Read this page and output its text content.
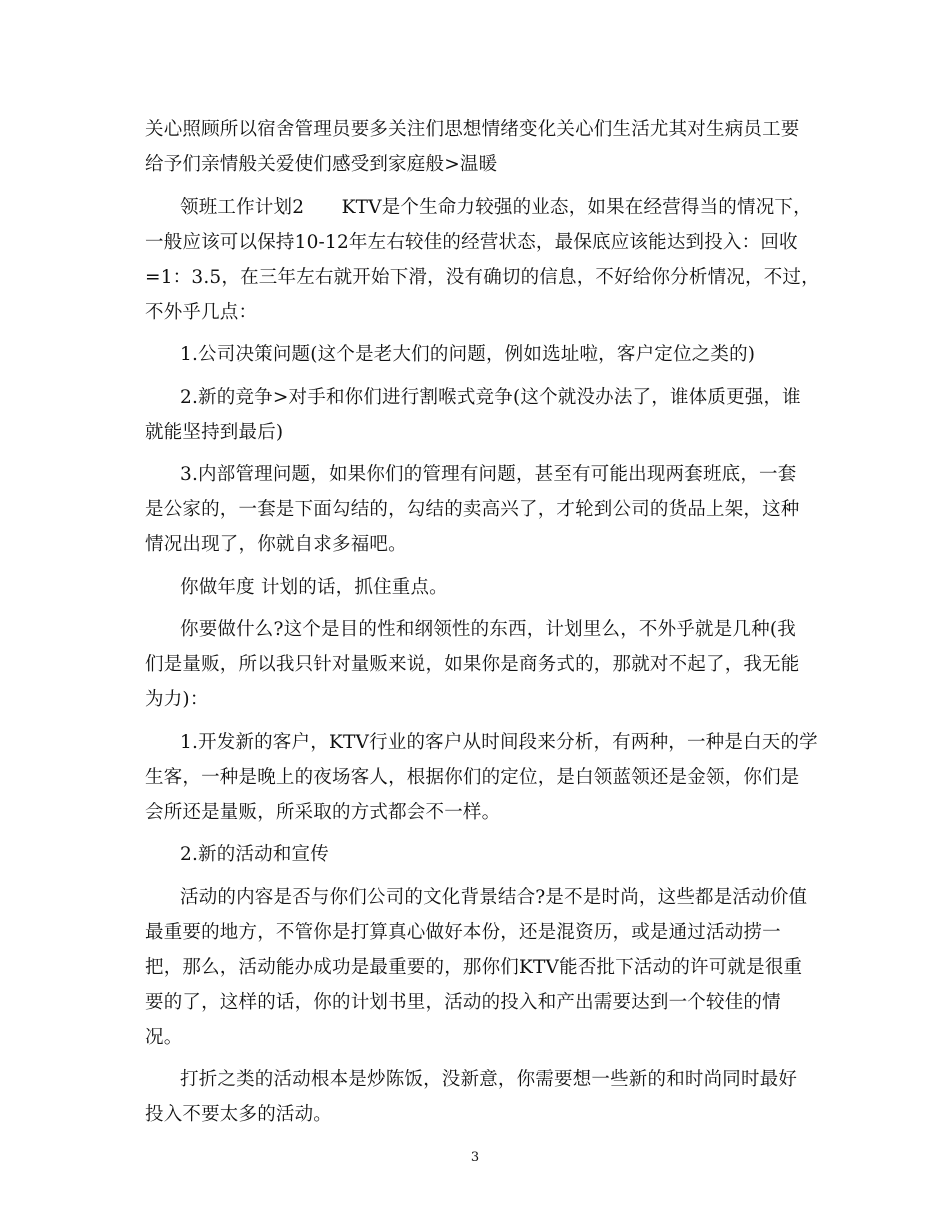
关心照顾所以宿舍管理员要多关注们思想情绪变化关心们生活尤其对生病员工要
给予们亲情般关爱使们感受到家庭般>温暖
领班工作计划2　　KTV是个生命力较强的业态，如果在经营得当的情况下，
一般应该可以保持10-12年左右较佳的经营状态，最保底应该能达到投入：回收
=1：3.5，在三年左右就开始下滑，没有确切的信息，不好给你分析情况，不过，
不外乎几点：
1.公司决策问题(这个是老大们的问题，例如选址啦，客户定位之类的)
2.新的竞争>对手和你们进行割喉式竞争(这个就没办法了，谁体质更强，谁
就能坚持到最后)
3.内部管理问题，如果你们的管理有问题，甚至有可能出现两套班底，一套
是公家的，一套是下面勾结的，勾结的卖高兴了，才轮到公司的货品上架，这种
情况出现了，你就自求多福吧。
你做年度 计划的话，抓住重点。
你要做什么?这个是目的性和纲领性的东西，计划里么，不外乎就是几种(我
们是量贩，所以我只针对量贩来说，如果你是商务式的，那就对不起了，我无能
为力)：
1.开发新的客户，KTV行业的客户从时间段来分析，有两种，一种是白天的学
生客，一种是晚上的夜场客人，根据你们的定位，是白领蓝领还是金领，你们是
会所还是量贩，所采取的方式都会不一样。
2.新的活动和宣传
活动的内容是否与你们公司的文化背景结合?是不是时尚，这些都是活动价值
最重要的地方，不管你是打算真心做好本份，还是混资历，或是通过活动捞一
把，那么，活动能办成功是最重要的，那你们KTV能否批下活动的许可就是很重
要的了，这样的话，你的计划书里，活动的投入和产出需要达到一个较佳的情
况。
打折之类的活动根本是炒陈饭，没新意，你需要想一些新的和时尚同时最好
投入不要太多的活动。
3
